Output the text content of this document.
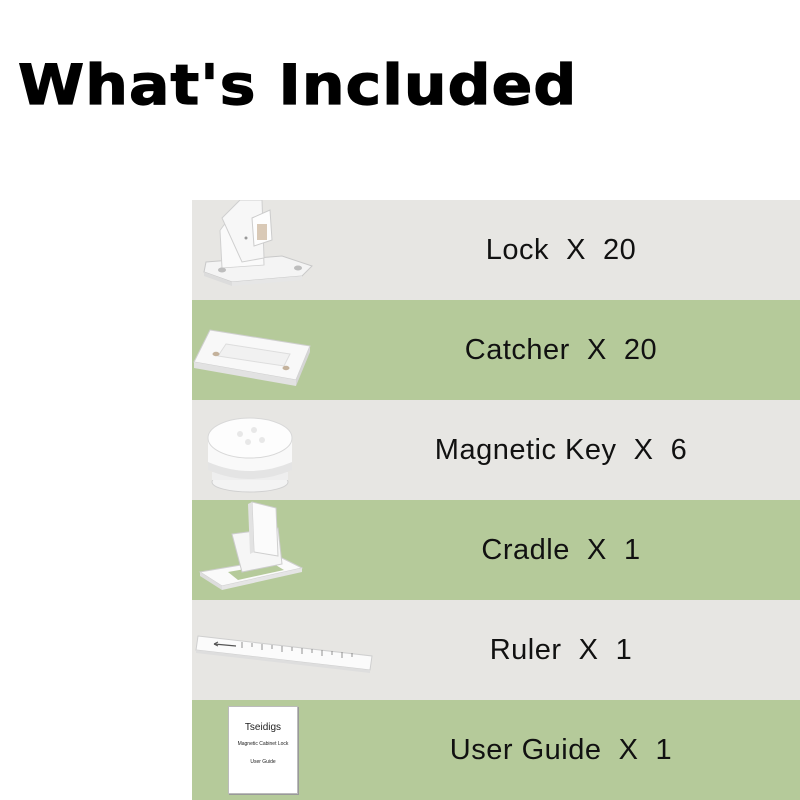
What's Included
Lock
X  20
Catcher
X  20
Magnetic Key
X  6
Cradle
X  1
Ruler
X  1
Tseidigs
Magnetic Cabinet Lock
User Guide	User Guide
X  1
